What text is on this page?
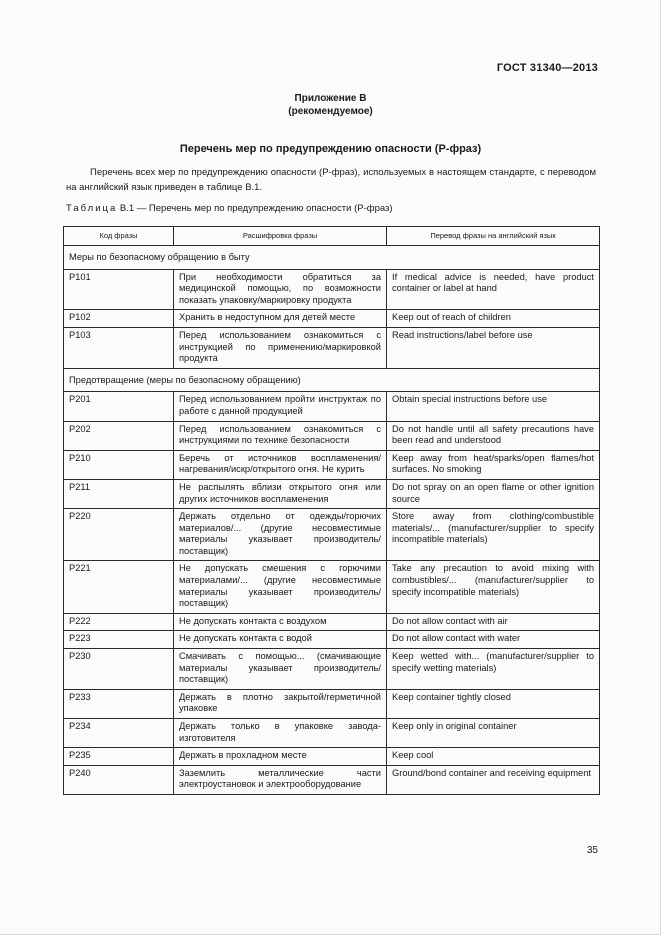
ГОСТ 31340—2013
Приложение В
(рекомендуемое)
Перечень мер по предупреждению опасности (Р-фраз)

Перечень всех мер по предупреждению опасности (Р-фраз), используемых в настоящем стандарте, с переводом на английский язык приведен в таблице В.1.

Таблица В.1 — Перечень мер по предупреждению опасности (Р-фраз)
Код фразы	Расшифровка фразы	Перевод фразы на английский язык
Меры по безопасному обращению в быту		
P101	При необходимости обратиться за медицинской помощью, по возможности показать упаковку/маркировку продукта	If medical advice is needed, have product container or label at hand
P102	Хранить в недоступном для детей месте	Keep out of reach of children
P103	Перед использованием ознакомиться с инструкцией по применению/маркировкой продукта	Read instructions/label before use
Предотвращение (меры по безопасному обращению)		
P201	Перед использованием пройти инструктаж по работе с данной продукцией	Obtain special instructions before use
P202	Перед использованием ознакомиться с инструкциями по технике безопасности	Do not handle until all safety precautions have been read and understood
P210	Беречь от источников воспламенения/нагревания/искр/открытого огня. Не курить	Keep away from heat/sparks/open flames/hot surfaces. No smoking
P211	Не распылять вблизи открытого огня или других источников воспламенения	Do not spray on an open flame or other ignition source
P220	Держать отдельно от одежды/горючих материалов/... (другие несовместимые материалы указывает производитель/поставщик)	Store away from clothing/combustible materials/... (manufacturer/supplier to specify incompatible materials)
P221	Не допускать смешения с горючими материалами/... (другие несовместимые материалы указывает производитель/поставщик)	Take any precaution to avoid mixing with combustibles/... (manufacturer/supplier to specify incompatible materials)
P222	Не допускать контакта с воздухом	Do not allow contact with air
P223	Не допускать контакта с водой	Do not allow contact with water
P230	Смачивать с помощью... (смачивающие материалы указывает производитель/поставщик)	Keep wetted with... (manufacturer/supplier to specify wetting materials)
P233	Держать в плотно закрытой/герметичной упаковке	Keep container tightly closed
P234	Держать только в упаковке завода-изготовителя	Keep only in original container
P235	Держать в прохладном месте	Keep cool
P240	Заземлить металлические части электроустановок и электрооборудование	Ground/bond container and receiving equipment
35
